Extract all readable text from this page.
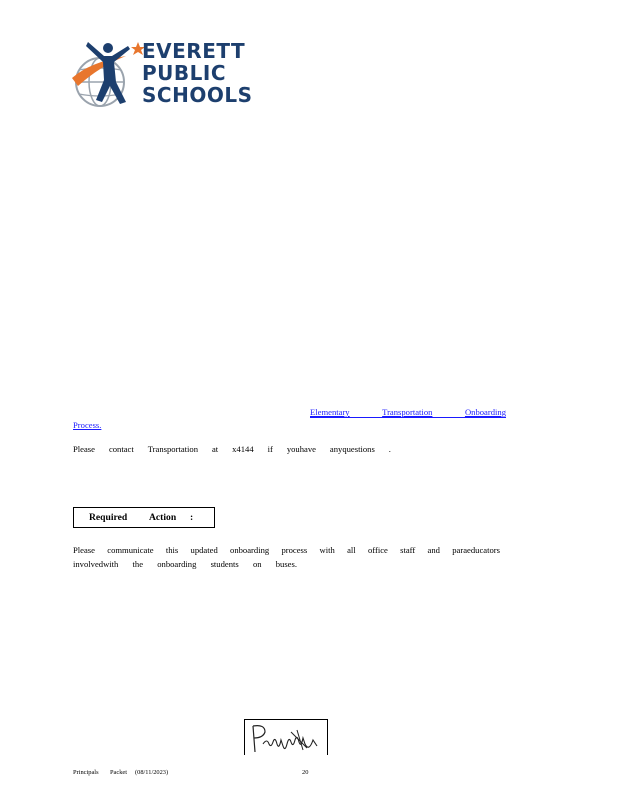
EVERETT
PUBLIC
SCHOOLS
Elementary	Transportation	Onboarding
Process.
Please contact Transportation at x4144 if youhave anyquestions .
Required Action :
Please communicate this updated onboarding process with all office staff and paraeducators
involvedwith the onboarding students on buses.
Principals Packet (08/11/2023)	20
